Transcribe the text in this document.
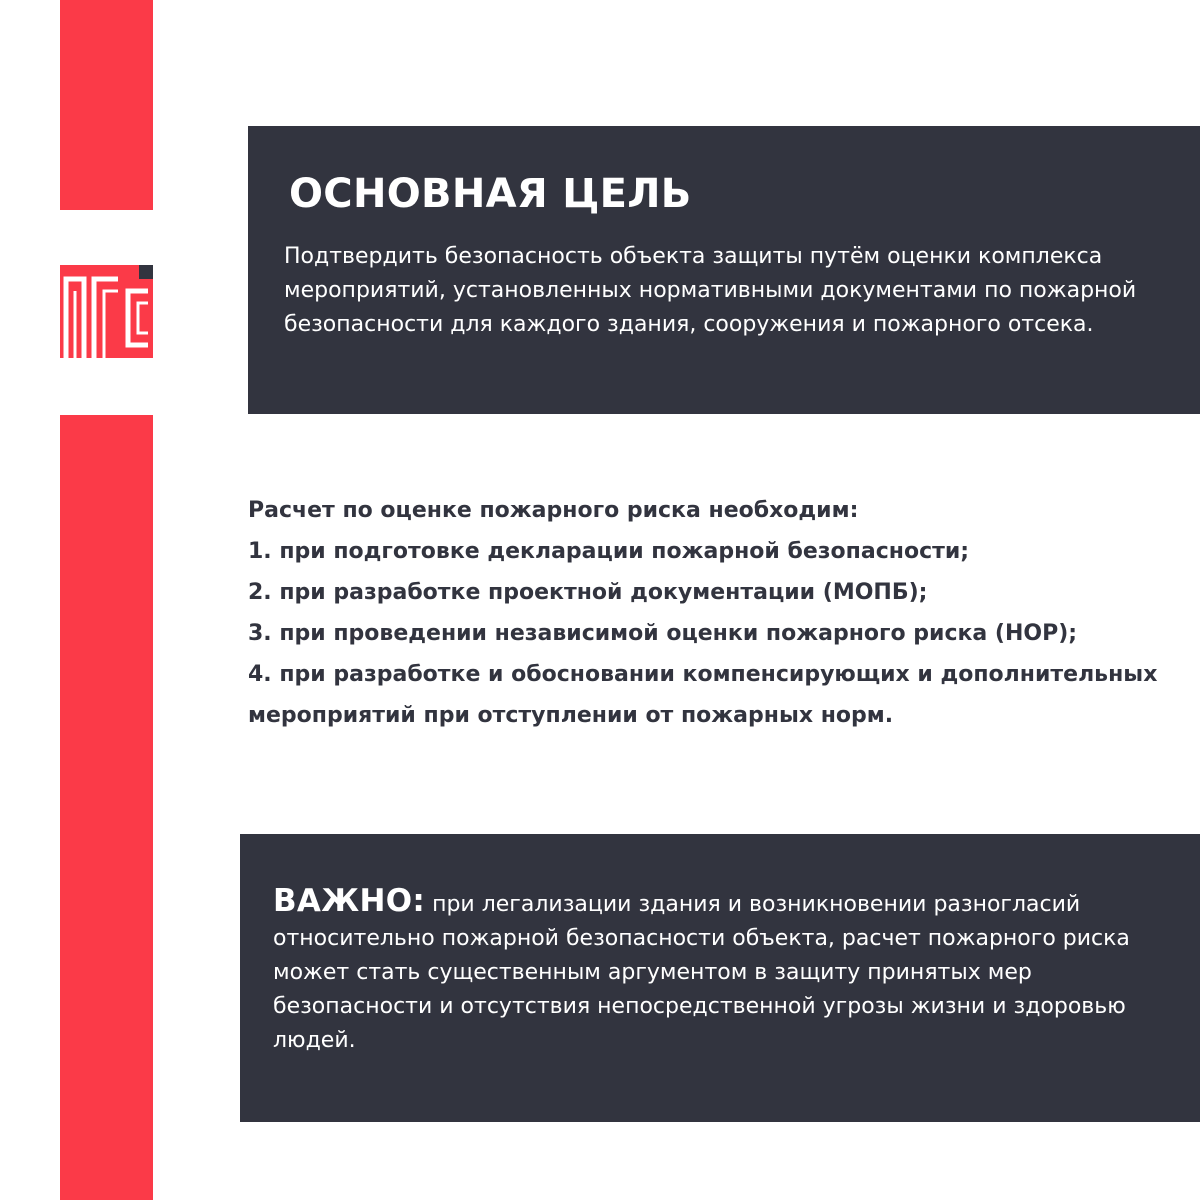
ОСНОВНАЯ ЦЕЛЬ

Подтвердить безопасность объекта защиты путём оценки комплекса мероприятий, установленных нормативными документами по пожарной безопасности для каждого здания, сооружения и пожарного отсека.

Расчет по оценке пожарного риска необходим:

1. при подготовке декларации пожарной безопасности;

2. при разработке проектной документации (МОПБ);

3. при проведении независимой оценки пожарного риска (НОР);

4. при разработке и обосновании компенсирующих и дополнительных мероприятий при отступлении от пожарных норм.

ВАЖНО: при легализации здания и возникновении разногласий относительно пожарной безопасности объекта, расчет пожарного риска может стать существенным аргументом в защиту принятых мер безопасности и отсутствия непосредственной угрозы жизни и здоровью людей.
